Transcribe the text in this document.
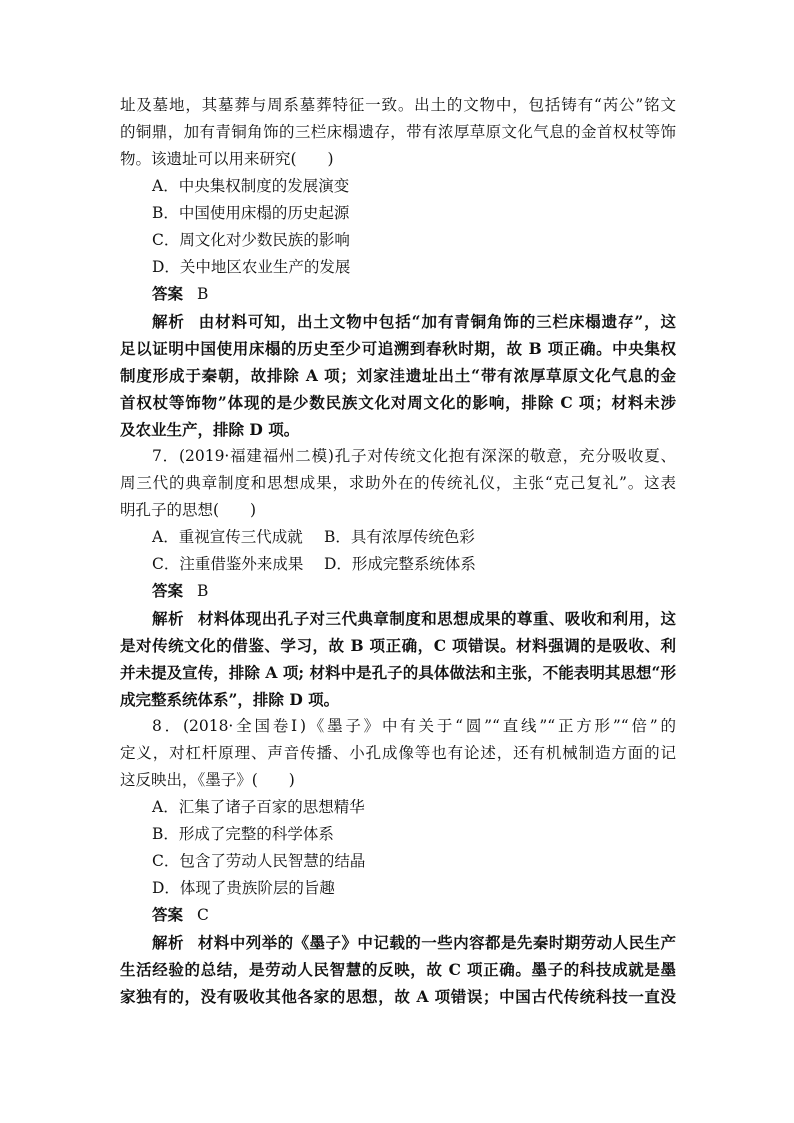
址及墓地，其墓葬与周系墓葬特征一致。出土的文物中，包括铸有“芮公”铭文
的铜鼎，加有青铜角饰的三栏床榻遗存，带有浓厚草原文化气息的金首权杖等饰
物。该遗址可以用来研究(　　)
A．中央集权制度的发展演变
B．中国使用床榻的历史起源
C．周文化对少数民族的影响
D．关中地区农业生产的发展
答案 B
解析 由材料可知，出土文物中包括“加有青铜角饰的三栏床榻遗存”，这
足以证明中国使用床榻的历史至少可追溯到春秋时期，故 B 项正确。中央集权
制度形成于秦朝，故排除 A 项；刘家洼遗址出土“带有浓厚草原文化气息的金
首权杖等饰物”体现的是少数民族文化对周文化的影响，排除 C 项；材料未涉
及农业生产，排除 D 项。
7．(2019·福建福州二模)孔子对传统文化抱有深深的敬意，充分吸收夏、
周三代的典章制度和思想成果，求助外在的传统礼仪，主张“克己复礼”。这表
明孔子的思想(　　)
A．重视宣传三代成就	B．具有浓厚传统色彩
C．注重借鉴外来成果	D．形成完整系统体系
答案 B
解析 材料体现出孔子对三代典章制度和思想成果的尊重、吸收和利用，这
是对传统文化的借鉴、学习，故 B 项正确，C 项错误。材料强调的是吸收、利
并未提及宣传，排除 A 项; 材料中是孔子的具体做法和主张，不能表明其思想“形
成完整系统体系”，排除 D 项。
8．(2018·全国卷Ⅰ)《墨子》中有关于“圆”“直线”“正方形”“倍”的
定义，对杠杆原理、声音传播、小孔成像等也有论述，还有机械制造方面的记
这反映出，《墨子》(　　)
A．汇集了诸子百家的思想精华
B．形成了完整的科学体系
C．包含了劳动人民智慧的结晶
D．体现了贵族阶层的旨趣
答案 C
解析 材料中列举的《墨子》中记载的一些内容都是先秦时期劳动人民生产
生活经验的总结，是劳动人民智慧的反映，故 C 项正确。墨子的科技成就是墨
家独有的，没有吸收其他各家的思想，故 A 项错误；中国古代传统科技一直没
